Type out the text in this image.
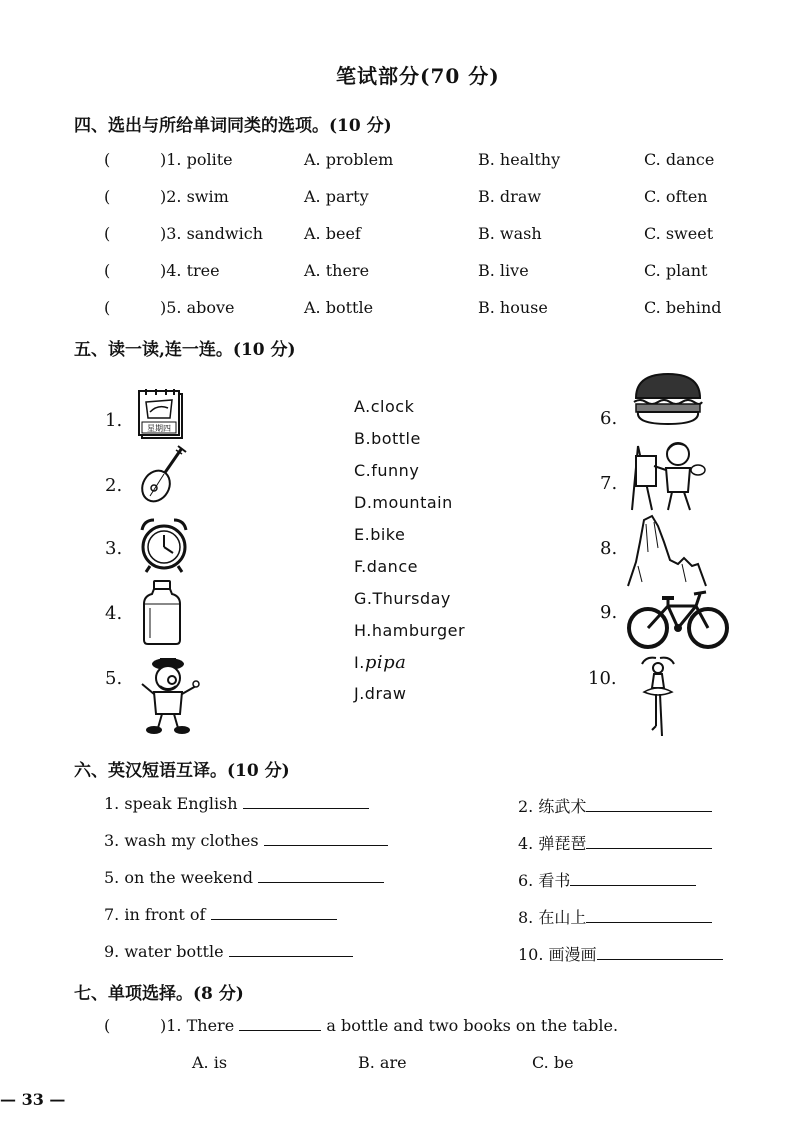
笔试部分(70 分)
四、选出与所给单词同类的选项。(10 分)
(	)1. polite	A. problem	B. healthy	C. dance
(	)2. swim	A. party	B. draw	C. often
(	)3. sandwich	A. beef	B. wash	C. sweet
(	)4. tree	A. there	B. live	C. plant
(	)5. above	A. bottle	B. house	C. behind
五、读一读,连一连。(10 分)
1.
2.
3.
4.
5.
6.
7.
8.
9.
10.
A.clock
B.bottle
C.funny
D.mountain
E.bike
F.dance
G.Thursday
H.hamburger
I.pipa
J.draw
星期四
六、英汉短语互译。(10 分)
1. speak English	2. 练武术
3. wash my clothes	4. 弹琵琶
5. on the weekend	6. 看书
7. in front of	8. 在山上
9. water bottle	10. 画漫画
七、单项选择。(8 分)
(	)1. There	a bottle and two books on the table.
A. is	B. are	C. be
— 33 —
